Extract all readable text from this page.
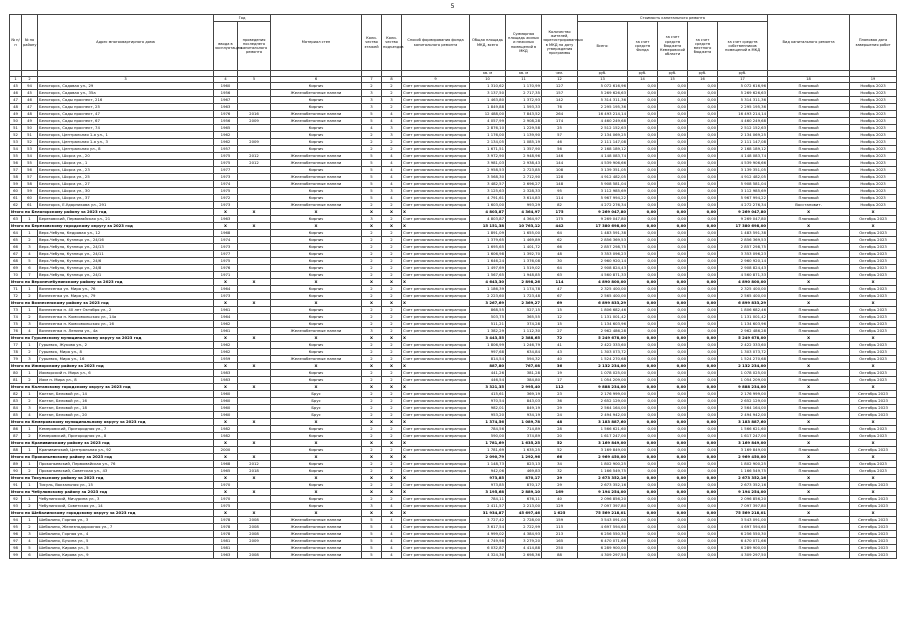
5
№ п/п	№ по району	Адрес многоквартирного дома	Год		Материал стен	Коли-чество этажей	Коли-чество подъездов	Способ формирования фонда капитального ремонта	Общая площадь МКД, всего	Суммарная площадь жилых и нежилых помещений в МКД	Количество жителей, зарегистрированных в МКД на дату утверждения программы	Стоимость капитального ремонта					Вид капитального ремонта	Плановая дата завершения работ
			ввода в эксплуатацию	проведения последнего капитального ремонта								Всего:	за счет средств Фонда	за счет средств бюджета Кемеровской области	за счет средств местного бюджета	за счет средств собственников помещений в МКД		
									кв. м	кв. м	чел.	руб.	руб.	руб.	руб.	руб.		
1	2	3	4	5	6	7	8	9	10	11	12	13	14	15	16	17	18	19
45	94	Белогорск, Садовая ул., 29	1960		Кирпич	2	2	Счет регионального оператора	1 310,62	1 170,99	127	5 072 616,96	0,00	0,00	0,00	5 072 616,96	Плановый	Ноябрь 2023
46	45	Белогорск, Садовая ул., 35а	1956		Железобетонные панели	3	2	Счет регионального оператора	3 137,50	2 717,35	157	5 269 626,63	0,00	0,00	0,00	5 269 626,63	Плановый	Ноябрь 2023
47	46	Белогорск, Сады проспект, 216	1967		Кирпич	3	3	Счет регионального оператора	1 463,80	1 372,93	142	5 314 311,36	0,00	0,00	0,00	5 314 311,36	Плановый	Ноябрь 2023
48	47	Белогорск, Сады проспект, 25	1963		Кирпич	3	2	Счет регионального оператора	1 849,88	1 593,33	76	2 295 195,36	0,00	0,00	0,00	2 295 195,36	Плановый	Ноябрь 2023
49	48	Белогорск, Сады проспект, 47	1976	2016	Железобетонные панели	5	4	Счет регионального оператора	12 488,00	7 843,52	264	16 493 214,14	0,00	0,00	0,00	16 493 214,14	Плановый	Ноябрь 2023
50	49	Белогорск, Сады проспект, 67	1956	2009	Железобетонные панели	5	4	Счет регионального оператора	4 057,99	2 908,28	174	4 460 249,68	0,00	0,00	0,00	4 460 249,68	Плановый	Ноябрь 2023
51	50	Белогорск, Сады проспект, 74	1965		Кирпич	4	3	Счет регионального оператора	2 876,10	1 229,58	25	2 512 152,63	0,00	0,00	0,00	2 512 152,63	Плановый	Ноябрь 2023
52	51	Белогорск, Центральная 1-я ул., 1	1962		Кирпич	2	3	Счет регионального оператора	1 176,00	1 139,90	57	2 134 069,25	0,00	0,00	0,00	2 134 069,25	Плановый	Ноябрь 2023
53	52	Белогорск, Центральная 1-я ул., 3	1962	2009	Кирпич	2	2	Счет регионального оператора	2 134,05	1 085,19	46	2 111 147,08	0,00	0,00	0,00	2 111 147,08	Плановый	Ноябрь 2023
54	53	Белогорск, Центральная ул., 8	1957		Кирпич	2	2	Счет регионального оператора	1 671,51	1 357,90	56	2 168 189,12	0,00	0,00	0,00	2 168 189,12	Плановый	Ноябрь 2023
55	54	Белогорск, Шорса ул., 20	1975	2012	Железобетонные панели	5	4	Счет регионального оператора	3 972,90	2 948,96	146	4 148 083,74	0,00	0,00	0,00	4 148 083,74	Плановый	Ноябрь 2023
56	55	Белогорск, Шорса ул., 1	1975	2012	Железобетонные панели	5	4	Счет регионального оператора	3 981,03	2 938,43	144	4 539 906,66	0,00	0,00	0,00	4 539 906,66	Плановый	Ноябрь 2023
57	56	Белогорск, Шорса ул., 23	1977		Кирпич	5	4	Счет регионального оператора	2 958,53	2 723,85	108	3 139 351,05	0,00	0,00	0,00	3 139 351,05	Плановый	Ноябрь 2023
58	57	Белогорск, Шорса ул., 25	1973		Железобетонные панели	5	4	Счет регионального оператора	3 568,30	2 712,90	128	4 912 482,05	0,00	0,00	0,00	4 912 482,05	Плановый	Ноябрь 2023
59	58	Белогорск, Шорса ул., 27	1974		Железобетонные панели	5	4	Счет регионального оператора	3 482,57	2 696,27	148	5 908 581,04	0,00	0,00	0,00	5 908 581,04	Плановый	Ноябрь 2023
60	59	Белогорск, Шорса ул., 30	1975		Кирпич	5	3	Счет регионального оператора	3 125,63	2 328,33	95	3 112 985,69	0,00	0,00	0,00	3 112 985,69	Плановый	Ноябрь 2023
61	60	Белогорск, Шорса ул., 37	1972		Кирпич	5	4	Счет регионального оператора	4 791,61	3 614,83	114	5 967 994,22	0,00	0,00	0,00	5 967 994,22	Плановый	Ноябрь 2023
62	61	Белогорск, Е.Ударникова ул., 291	1973		Железобетонные панели	2	2	Счет регионального оператора	1 603,00	993,29	82	4 272 276,34	0,00	0,00	0,00	4 272 276,34	Восстановит.	Ноябрь 2023
Итого по Белогорскому району за 2023 год			X	X	X	X	X	X	4 803,87	4 364,97	175	9 269 047,80	0,00	0,00	0,00	9 269 047,80	X	X
63	1	Березовский, Первомайская ул., 21	1963		Кирпич	3	2	Счет регионального оператора	4 803,87	4 364,97	175	9 269 047,80	0,00	0,00	0,00	9 269 047,80	Плановый	Октябрь 2023
Итого по Березовскому городскому округу за 2023 год			X	X	X	X	X	X	15 151,38	10 763,12	442	17 380 698,00	0,00	0,00	0,00	17 380 698,00	X	X
64	1	Верх-Чебула, Кедровая ул., 12	1968		Кирпич	2	2	Счет регионального оператора	1 891,09	1 655,00	64	1 483 591,38	0,00	0,00	0,00	1 483 591,38	Плановый	Октябрь 2023
65	2	Верх-Чебула, Кузнецк ул., 24/16	1974		Кирпич	2	2	Счет регионального оператора	1 379,65	1 469,89	62	2 856 369,53	0,00	0,00	0,00	2 856 369,53	Плановый	Октябрь 2023
66	3	Верх-Чебула, Кузнецк ул., 24/13	1973		Кирпич	2	2	Счет регионального оператора	1 695,65	1 401,72	66	2 857 298,75	0,00	0,00	0,00	2 857 298,75	Плановый	Октябрь 2023
67	4	Верх-Чебула, Кузнецк ул., 24/11	1977		Кирпич	2	2	Счет регионального оператора	1 606,98	1 392,70	48	3 353 096,23	0,00	0,00	0,00	3 353 096,23	Плановый	Октябрь 2023
68	5	Верх-Чебула, Кузнецк ул., 24/6	1975		Кирпич	2	2	Счет регионального оператора	1 646,24	1 376,08	30	2 960 920,14	0,00	0,00	0,00	2 960 920,14	Плановый	Октябрь 2023
69	6	Верх-Чебула, Кузнецк ул., 24/8	1976		Кирпич	2	2	Счет регионального оператора	1 497,69	1 519,02	64	2 908 824,43	0,00	0,00	0,00	2 908 824,43	Плановый	Октябрь 2023
70	7	Верх-Чебула, Кузнецк ул., 24/1	1971		Кирпич	2	2	Счет регионального оператора	1 567,65	1 948,85	63	4 560 871,33	0,00	0,00	0,00	4 560 871,33	Плановый	Октябрь 2023
Итого по Верхнечебулинскому району за 2023 год			X	X	X	X	X	X	4 643,30	2 898,26	114	4 890 800,00	0,00	0,00	0,00	4 890 800,00	X	X
71	1	Вознесенка ул. Мира ул., 76	1964		Кирпич	2	2	Счет регионального оператора	1 186,39	1 174,78	47	2 325 400,00	0,00	0,00	0,00	2 325 400,00	Плановый	Октябрь 2023
72	2	Вознесенка ул. Мира ул., 79	1973		Кирпич	2	2	Счет регионального оператора	2 223,60	1 723,48	67	2 565 400,00	0,00	0,00	0,00	2 565 400,00	Плановый	Октябрь 2023
Итого по Вознесенскому району за 2023 год			X	X	X	X	X	X	3 267,69	2 369,27	69	6 899 833,29	0,00	0,00	0,00	6 899 833,29	X	X
73	1	Вознесенка п. 40 лет Октября ул., 2	1961		Кирпич	2	2	Счет регионального оператора	868,55	527,15	15	1 806 682,46	0,00	0,00	0,00	1 806 682,46	Плановый	Октябрь 2023
74	2	Вознесенка п. Комсомольская ул., 14а	1964		Кирпич	2	2	Счет регионального оператора	503,75	365,55	12	1 131 001,42	0,00	0,00	0,00	1 131 001,42	Плановый	Октябрь 2023
75	3	Вознесенка п. Комсомольская ул., 16	1962		Кирпич	2	2	Счет регионального оператора	511,21	374,28	15	1 134 603,96	0,00	0,00	0,00	1 134 603,96	Плановый	Октябрь 2023
76	4	Вознесенка п. Ленина ул., 4а	1961		Железобетонные панели	3	2	Счет регионального оператора	1 382,29	1 112,30	27	2 962 486,28	0,00	0,00	0,00	2 962 486,28	Плановый	Октябрь 2023
Итого по Гурьевскому муниципальному округу за 2023 год			X	X	X	X	X	X	3 443,55	2 388,65	72	5 249 678,00	0,00	0,00	0,00	5 249 678,00	X	X
77	1	Гурьевск, Жукова ул., 2	1962		Кирпич	2	2	Счет регионального оператора	1 806,99	1 246,79	41	2 422 333,60	0,00	0,00	0,00	2 422 333,60	Плановый	Октябрь 2023
78	2	Гурьевск, Мира ул., 8	1962		Кирпич	2	2	Счет регионального оператора	997,68	634,84	43	1 303 073,72	0,00	0,00	0,00	1 303 073,72	Плановый	Октябрь 2023
79	3	Гурьевск, Мира ул., 16	1959		Железобетонные панели	2	2	Счет регионального оператора	814,54	594,32	40	1 524 270,68	0,00	0,00	0,00	1 524 270,68	Плановый	Октябрь 2023
Итого по Ижморскому району за 2023 год			X	X	X	X	X	X	887,80	767,08	36	2 132 234,00	0,00	0,00	0,00	2 132 234,00	X	X
80	1	Ижморский п. Мира ул., 6	1983		Кирпич	2	2	Счет регионального оператора	441,26	381,28	19	1 078 025,00	0,00	0,00	0,00	1 078 025,00	Плановый	Октябрь 2023
81	2	Ижм п. Мира ул., 8	1983		Кирпич	2	2	Счет регионального оператора	446,54	384,80	17	1 054 209,00	0,00	0,00	0,00	1 054 209,00	Плановый	Октябрь 2023
Итого по Калтанскому городскому округу за 2023 год			X	X	X	X	X	X	3 321,35	2 995,40	112	9 888 234,00	0,00	0,00	0,00	9 888 234,00	X	X
82	1	Калтан, Беловой ул., 14	1960		Брус	2	2	Счет регионального оператора	415,61	369,19	23	2 176 999,00	0,00	0,00	0,00	2 176 999,00	Плановый	Сентябрь 2023
83	2	Калтан, Беловой ул., 16	1960		Брус	2	2	Счет регионального оператора	970,54	843,03	36	2 652 129,00	0,00	0,00	0,00	2 652 129,00	Плановый	Сентябрь 2023
84	3	Калтан, Беловой ул., 18	1960		Брус	2	2	Счет регионального оператора	982,01	849,19	29	2 564 164,00	0,00	0,00	0,00	2 564 164,00	Плановый	Сентябрь 2023
85	4	Калтан, Беловой ул., 20	1960		Брус	2	2	Счет регионального оператора	953,20	934,19	24	2 494 942,00	0,00	0,00	0,00	2 494 942,00	Плановый	Сентябрь 2023
Итого по Кемеровскому муниципальному округу за 2023 год			X	X	X	X	X	X	1 374,56	1 089,78	48	3 183 887,60	0,00	0,00	0,00	3 183 887,60	X	X
86	1	Кемеровский, Пригородная ул., 7	1982		Кирпич	2	2	Счет регионального оператора	784,56	714,89	28	1 566 621,60	0,00	0,00	0,00	1 566 621,60	Плановый	Октябрь 2023
87	2	Кемеровский, Пригородная ул., 8	1982		Кирпич	2	2	Счет регионального оператора	590,00	374,89	20	1 617 247,00	0,00	0,00	0,00	1 617 247,00	Плановый	Октябрь 2023
Итого по Крапивинскому району за 2023 год			X	X	X	X	X	X	1 781,69	1 635,25	52	3 169 849,00	0,00	0,00	0,00	3 169 849,00	X	X
88	1	Крапивинский, Центральная ул., 92	2000		Кирпич	2	2	Счет регионального оператора	1 781,69	1 635,25	52	3 169 849,00	0,00	0,00	0,00	3 169 849,00	Плановый	Сентябрь 2023
Итого по Прокопьевскому району за 2023 год			X	X	X	X	X	X	2 090,79	1 292,96	66	2 969 450,00	0,00	0,00	0,00	2 969 450,00	X	X
89	1	Прокопьевский, Первомайская ул., 76	1968	2012	Кирпич	2	2	Счет регионального оператора	1 148,73	823,13	34	1 802 900,25	0,00	0,00	0,00	1 802 900,25	Плановый	Октябрь 2023
90	2	Прокопьевский, Советская ул., 43	1965	2018	Кирпич	2	2	Счет регионального оператора	942,06	469,83	32	1 166 549,75	0,00	0,00	0,00	1 166 549,75	Плановый	Октябрь 2023
Итого по Тисульскому району за 2023 год			X	X	X	X	X	X	973,85	870,17	29	2 673 352,16	0,00	0,00	0,00	2 673 352,16	X	X
91	1	Тисуль, Вокзальная ул., 15	1970		Кирпич	2	2	Счет регионального оператора	973,85	870,17	29	2 673 352,16	0,00	0,00	0,00	2 673 352,16	Плановый	Сентябрь 2023
Итого по Чебулинскому району за 2023 год			X	X	X	X	X	X	3 195,68	2 889,10	169	9 194 254,00	0,00	0,00	0,00	9 194 254,00	X	X
92	1	Чебулинский, Мичурина ул., 3	1970		Кирпич	2	2	Счет регионального оператора	784,11	676,11	40	2 096 856,20	0,00	0,00	0,00	2 096 856,20	Плановый	Сентябрь 2023
93	2	Чебулинский, Советская ул., 14	1975		Кирпич	3	4	Счет регионального оператора	2 411,57	2 213,00	129	7 097 397,80	0,00	0,00	0,00	7 097 397,80	Плановый	Сентябрь 2023
Итого по Шебалинскому городскому округу за 2023 год			X	X	X	X	X	X	31 934,87	45 697,46	1 625	75 569 218,01	0,00	0,00	0,00	75 569 218,01	X	X
94	1	Шебалино, Горная ул., 3	1978	2008	Железобетонные панели	5	4	Счет регионального оператора	3 727,42	2 728,00	159	3 543 091,00	0,00	0,00	0,00	3 543 091,00	Плановый	Сентябрь 2023
95	2	Шебалино, Железнодорожная ул., 7	1978	2008	Железобетонные панели	5	4	Счет регионального оператора	3 617,54	2 722,99	115	4 697 594,60	0,00	0,00	0,00	4 697 594,60	Плановый	Сентябрь 2023
96	3	Шебалино, Горная ул., 4	1978	2008	Железобетонные панели	5	4	Счет регионального оператора	4 999,02	4 384,93	213	6 256 550,30	0,00	0,00	0,00	6 256 550,30	Плановый	Сентябрь 2023
97	4	Шебалино, Бучина ул., 5	1981	2009	Железобетонные панели	5	4	Счет регионального оператора	4 749,98	3 279,20	165	6 470 071,66	0,00	0,00	0,00	6 470 071,66	Плановый	Сентябрь 2023
98	5	Шебалино, Кирова ул., 5	1981		Железобетонные панели	5	4	Счет регионального оператора	6 032,87	4 414,88	250	6 289 900,00	0,00	0,00	0,00	6 289 900,00	Плановый	Сентябрь 2023
99	6	Шебалино, Кирова ул., 9	1963	2008	Железобетонные панели	5	4	Счет регионального оператора	4 324,36	2 698,36	88	4 309 297,50	0,00	0,00	0,00	4 309 297,50	Плановый	Сентябрь 2023
